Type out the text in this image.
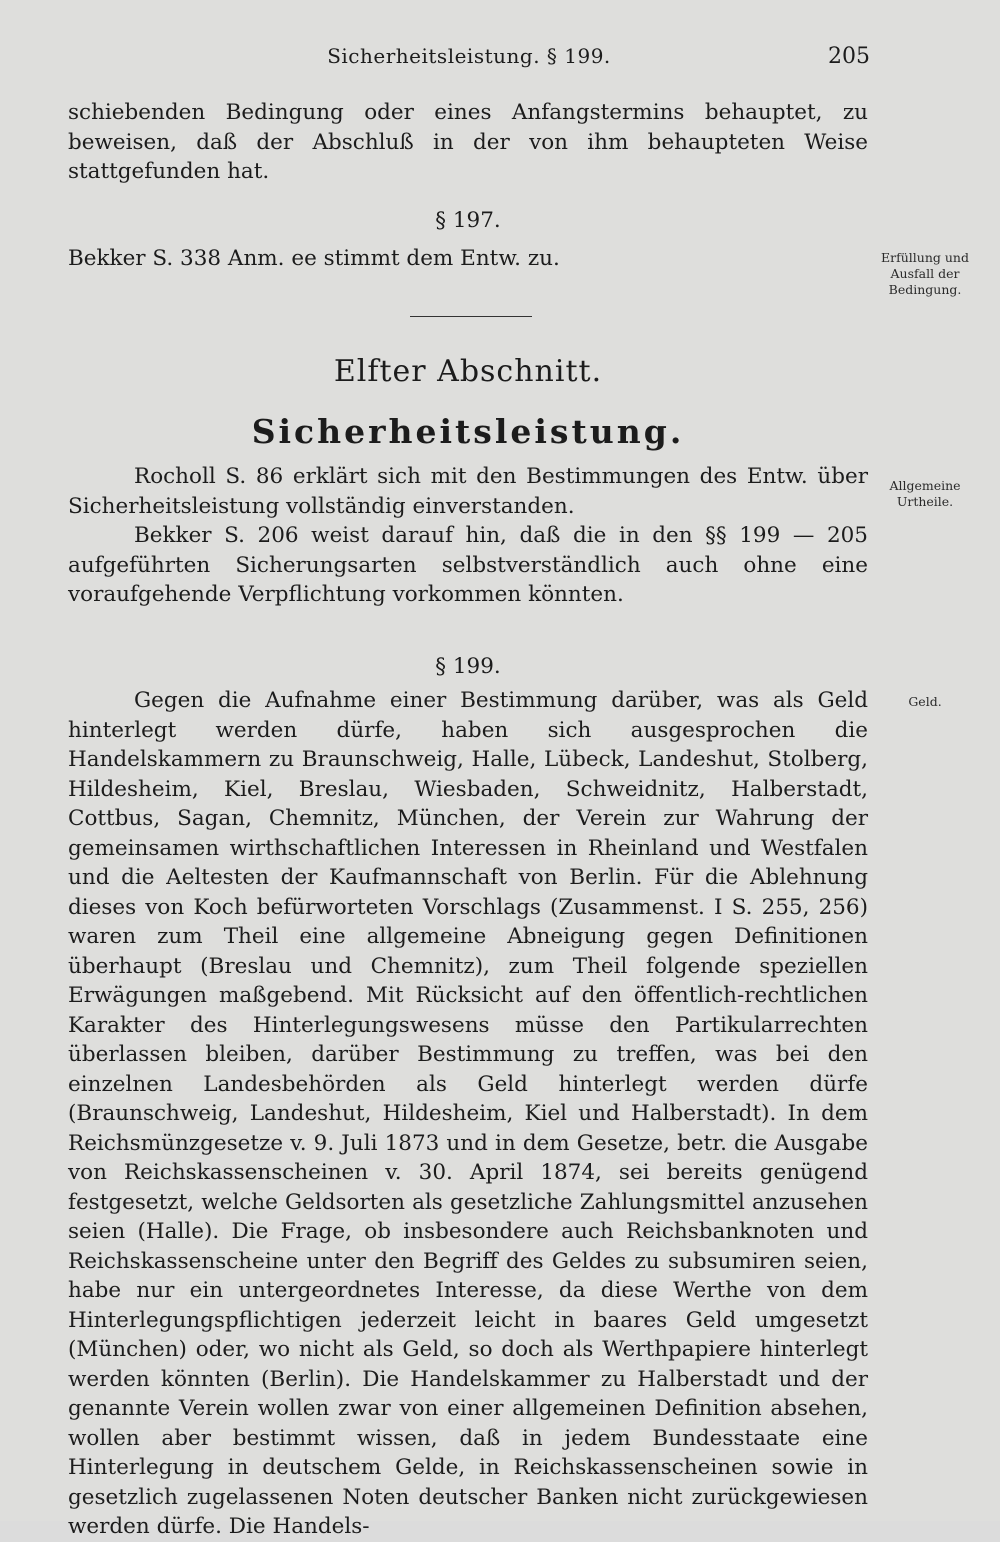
Sicherheitsleistung. § 199.	205

schiebenden Bedingung oder eines Anfangstermins behauptet, zu beweisen, daß der Abschluß in der von ihm behaupteten Weise stattgefunden hat.

§ 197.

Bekker S. 338 Anm. ee stimmt dem Entw. zu.

Elfter Abschnitt.
Sicherheitsleistung.

Rocholl S. 86 erklärt sich mit den Bestimmungen des Entw. über Sicherheitsleistung vollständig einverstanden.

Bekker S. 206 weist darauf hin, daß die in den §§ 199 — 205 aufgeführten Sicherungsarten selbstverständlich auch ohne eine voraufgehende Verpflichtung vorkommen könnten.

§ 199.

Gegen die Aufnahme einer Bestimmung darüber, was als Geld hinterlegt werden dürfe, haben sich ausgesprochen die Handelskammern zu Braunschweig, Halle, Lübeck, Landeshut, Stolberg, Hildesheim, Kiel, Breslau, Wiesbaden, Schweidnitz, Halberstadt, Cottbus, Sagan, Chemnitz, München, der Verein zur Wahrung der gemeinsamen wirthschaftlichen Interessen in Rheinland und Westfalen und die Aeltesten der Kaufmannschaft von Berlin. Für die Ablehnung dieses von Koch befürworteten Vorschlags (Zusammenst. I S. 255, 256) waren zum Theil eine allgemeine Abneigung gegen Definitionen überhaupt (Breslau und Chemnitz), zum Theil folgende speziellen Erwägungen maßgebend. Mit Rücksicht auf den öffentlich-rechtlichen Karakter des Hinterlegungswesens müsse den Partikularrechten überlassen bleiben, darüber Bestimmung zu treffen, was bei den einzelnen Landesbehörden als Geld hinterlegt werden dürfe (Braunschweig, Landeshut, Hildesheim, Kiel und Halberstadt). In dem Reichsmünzgesetze v. 9. Juli 1873 und in dem Gesetze, betr. die Ausgabe von Reichskassenscheinen v. 30. April 1874, sei bereits genügend festgesetzt, welche Geldsorten als gesetzliche Zahlungsmittel anzusehen seien (Halle). Die Frage, ob insbesondere auch Reichsbanknoten und Reichskassenscheine unter den Begriff des Geldes zu subsumiren seien, habe nur ein untergeordnetes Interesse, da diese Werthe von dem Hinterlegungspflichtigen jederzeit leicht in baares Geld umgesetzt (München) oder, wo nicht als Geld, so doch als Werthpapiere hinterlegt werden könnten (Berlin). Die Handelskammer zu Halberstadt und der genannte Verein wollen zwar von einer allgemeinen Definition absehen, wollen aber bestimmt wissen, daß in jedem Bundesstaate eine Hinterlegung in deutschem Gelde, in Reichskassenscheinen sowie in gesetzlich zugelassenen Noten deutscher Banken nicht zurückgewiesen werden dürfe. Die Handels-

Erfüllung und Ausfall der Bedingung.
Allgemeine Urtheile.
Geld.
